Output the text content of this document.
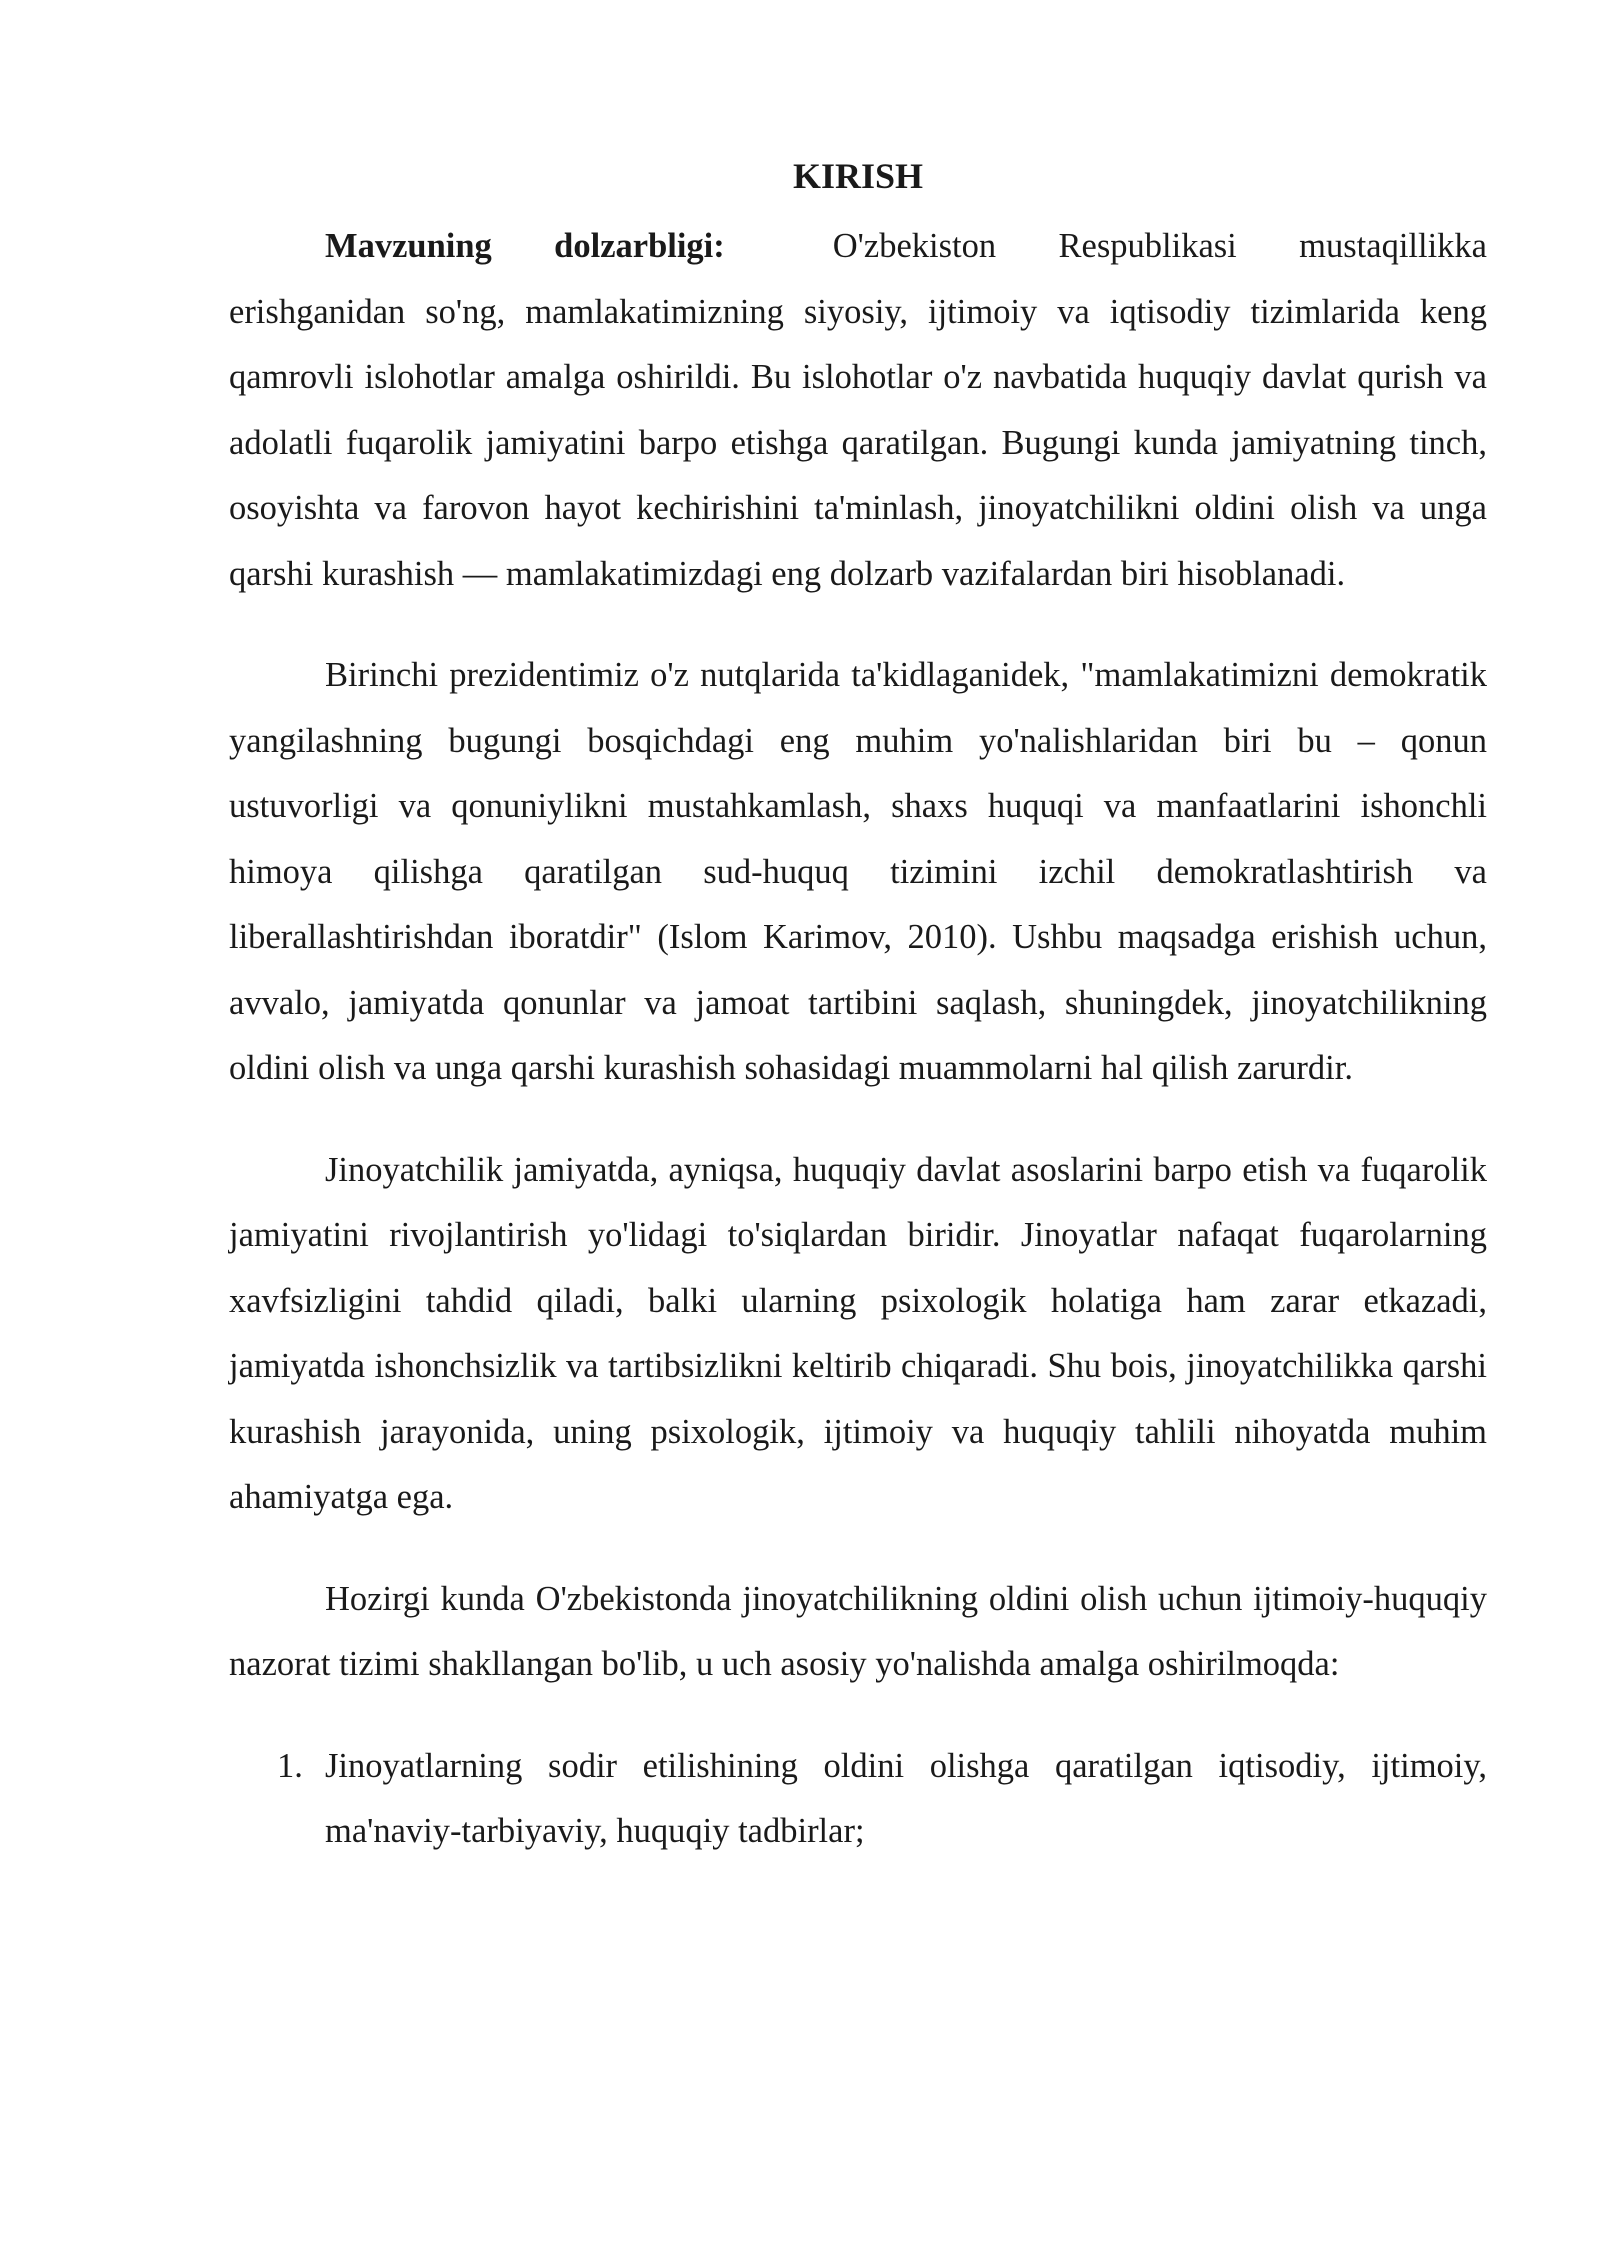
KIRISH

Mavzuning dolzarbligi:	O'zbekiston Respublikasi mustaqillikka erishganidan so'ng, mamlakatimizning siyosiy, ijtimoiy va iqtisodiy tizimlarida keng qamrovli islohotlar amalga oshirildi. Bu islohotlar o'z navbatida huquqiy davlat qurish va adolatli fuqarolik jamiyatini barpo etishga qaratilgan. Bugungi kunda jamiyatning tinch, osoyishta va farovon hayot kechirishini ta'minlash, jinoyatchilikni oldini olish va unga qarshi kurashish — mamlakatimizdagi eng dolzarb vazifalardan biri hisoblanadi.

Birinchi prezidentimiz o'z nutqlarida ta'kidlaganidek, "mamlakatimizni demokratik yangilashning bugungi bosqichdagi eng muhim yo'nalishlaridan biri bu – qonun ustuvorligi va qonuniylikni mustahkamlash, shaxs huquqi va manfaatlarini ishonchli himoya qilishga qaratilgan sud-huquq tizimini izchil demokratlashtirish va liberallashtirishdan iboratdir" (Islom Karimov, 2010). Ushbu maqsadga erishish uchun, avvalo, jamiyatda qonunlar va jamoat tartibini saqlash, shuningdek, jinoyatchilikning oldini olish va unga qarshi kurashish sohasidagi muammolarni hal qilish zarurdir.

Jinoyatchilik jamiyatda, ayniqsa, huquqiy davlat asoslarini barpo etish va fuqarolik jamiyatini rivojlantirish yo'lidagi to'siqlardan biridir. Jinoyatlar nafaqat fuqarolarning xavfsizligini tahdid qiladi, balki ularning psixologik holatiga ham zarar etkazadi, jamiyatda ishonchsizlik va tartibsizlikni keltirib chiqaradi. Shu bois, jinoyatchilikka qarshi kurashish jarayonida, uning psixologik, ijtimoiy va huquqiy tahlili nihoyatda muhim ahamiyatga ega.

Hozirgi kunda O'zbekistonda jinoyatchilikning oldini olish uchun ijtimoiy-huquqiy nazorat tizimi shakllangan bo'lib, u uch asosiy yo'nalishda amalga oshirilmoqda:

1. Jinoyatlarning sodir etilishining oldini olishga qaratilgan iqtisodiy, ijtimoiy, ma'naviy-tarbiyaviy, huquqiy tadbirlar;
